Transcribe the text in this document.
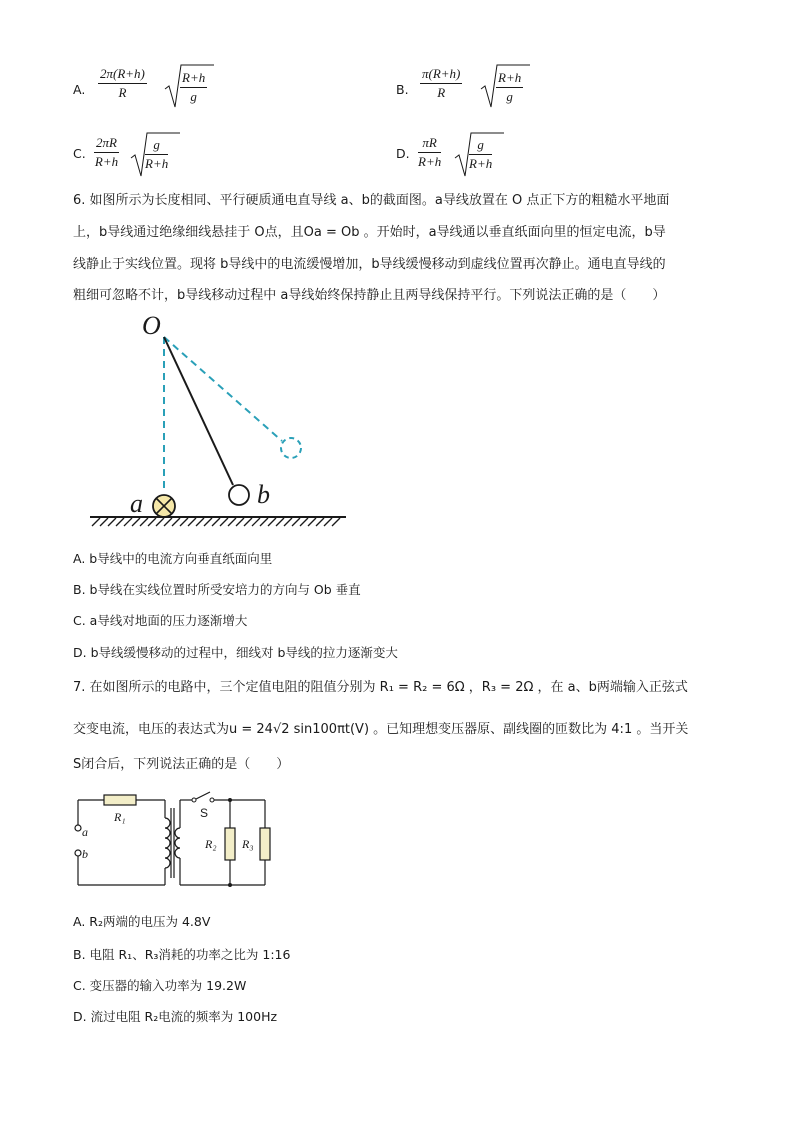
A. $\frac{2\pi(R+h)}{R}$	$\frac{R+h}{g}$	B. $\frac{\pi(R+h)}{R}$	$\frac{R+h}{g}$
C. $\frac{2\pi R}{R+h} \frac{g}{R+h}$	D. $\frac{\pi R}{R+h} \frac{g}{R+h}$
6. 如图所示为长度相同、平行硬质通电直导线 a、b的截面图。a导线放置在 O 点正下方的粗糙水平地面
上，b导线通过绝缘细线悬挂于 O点，且Oa = Ob 。开始时，a导线通以垂直纸面向里的恒定电流，b导
线静止于实线位置。现将 b导线中的电流缓慢增加，b导线缓慢移动到虚线位置再次静止。通电直导线的
粗细可忽略不计，b导线移动过程中 a导线始终保持静止且两导线保持平行。下列说法正确的是（　　）
O
a	b
A. b导线中的电流方向垂直纸面向里
B. b导线在实线位置时所受安培力的方向与 Ob 垂直
C. a导线对地面的压力逐渐增大
D. b导线缓慢移动的过程中，细线对 b导线的拉力逐渐变大
7. 在如图所示的电路中，三个定值电阻的阻值分别为 R₁ = R₂ = 6Ω ，R₃ = 2Ω ，在 a、b两端输入正弦式
交变电流，电压的表达式为u = 24√2 sin100πt(V) 。已知理想变压器原、副线圈的匝数比为 4:1 。当开关
S闭合后，下列说法正确的是（　　）
R₁
R₂ R₃
S
a
b
A. R₂两端的电压为 4.8V
B. 电阻 R₁、R₃消耗的功率之比为 1:16
C. 变压器的输入功率为 19.2W
D. 流过电阻 R₂电流的频率为 100Hz
